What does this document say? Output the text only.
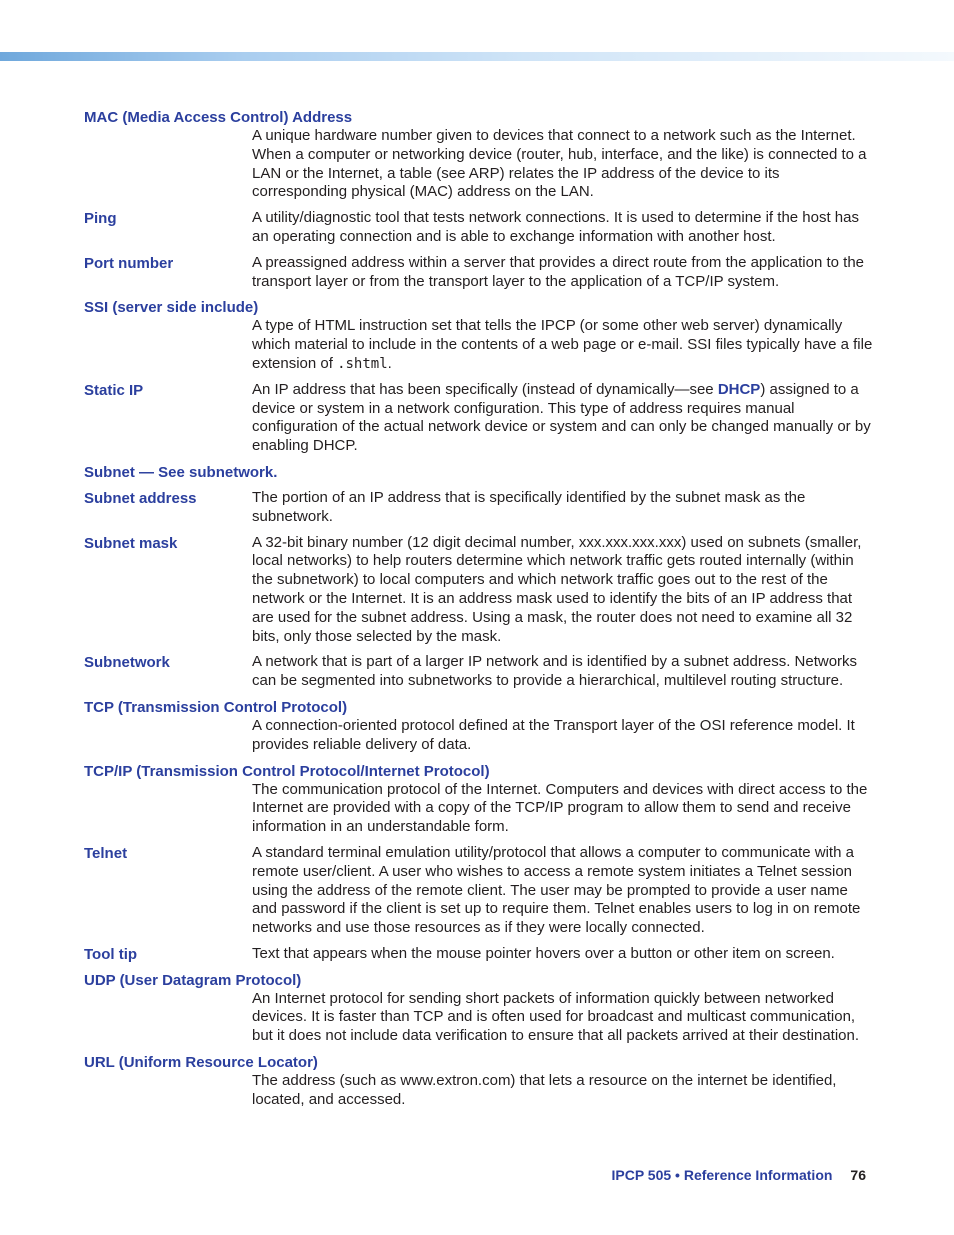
MAC (Media Access Control) Address
A unique hardware number given to devices that connect to a network such as the Internet. When a computer or networking device (router, hub, interface, and the like) is connected to a LAN or the Internet, a table (see ARP) relates the IP address of the device to its corresponding physical (MAC) address on the LAN.
Ping	A utility/diagnostic tool that tests network connections. It is used to determine if the host has an operating connection and is able to exchange information with another host.
Port number	A preassigned address within a server that provides a direct route from the application to the transport layer or from the transport layer to the application of a TCP/IP system.
SSI (server side include)
A type of HTML instruction set that tells the IPCP (or some other web server) dynamically which material to include in the contents of a web page or e-mail. SSI files typically have a file extension of .shtml.
Static IP	An IP address that has been specifically (instead of dynamically—see DHCP) assigned to a device or system in a network configuration. This type of address requires manual configuration of the actual network device or system and can only be changed manually or by enabling DHCP.
Subnet — See subnetwork.
Subnet address	The portion of an IP address that is specifically identified by the subnet mask as the subnetwork.
Subnet mask	A 32-bit binary number (12 digit decimal number, xxx.xxx.xxx.xxx) used on subnets (smaller, local networks) to help routers determine which network traffic gets routed internally (within the subnetwork) to local computers and which network traffic goes out to the rest of the network or the Internet. It is an address mask used to identify the bits of an IP address that are used for the subnet address. Using a mask, the router does not need to examine all 32 bits, only those selected by the mask.
Subnetwork	A network that is part of a larger IP network and is identified by a subnet address. Networks can be segmented into subnetworks to provide a hierarchical, multilevel routing structure.
TCP (Transmission Control Protocol)
A connection-oriented protocol defined at the Transport layer of the OSI reference model. It provides reliable delivery of data.
TCP/IP (Transmission Control Protocol/Internet Protocol)
The communication protocol of the Internet. Computers and devices with direct access to the Internet are provided with a copy of the TCP/IP program to allow them to send and receive information in an understandable form.
Telnet	A standard terminal emulation utility/protocol that allows a computer to communicate with a remote user/client. A user who wishes to access a remote system initiates a Telnet session using the address of the remote client. The user may be prompted to provide a user name and password if the client is set up to require them. Telnet enables users to log in on remote networks and use those resources as if they were locally connected.
Tool tip	Text that appears when the mouse pointer hovers over a button or other item on screen.
UDP (User Datagram Protocol)
An Internet protocol for sending short packets of information quickly between networked devices. It is faster than TCP and is often used for broadcast and multicast communication, but it does not include data verification to ensure that all packets arrived at their destination.
URL (Uniform Resource Locator)
The address (such as www.extron.com) that lets a resource on the internet be identified, located, and accessed.
IPCP 505 • Reference Information 76
